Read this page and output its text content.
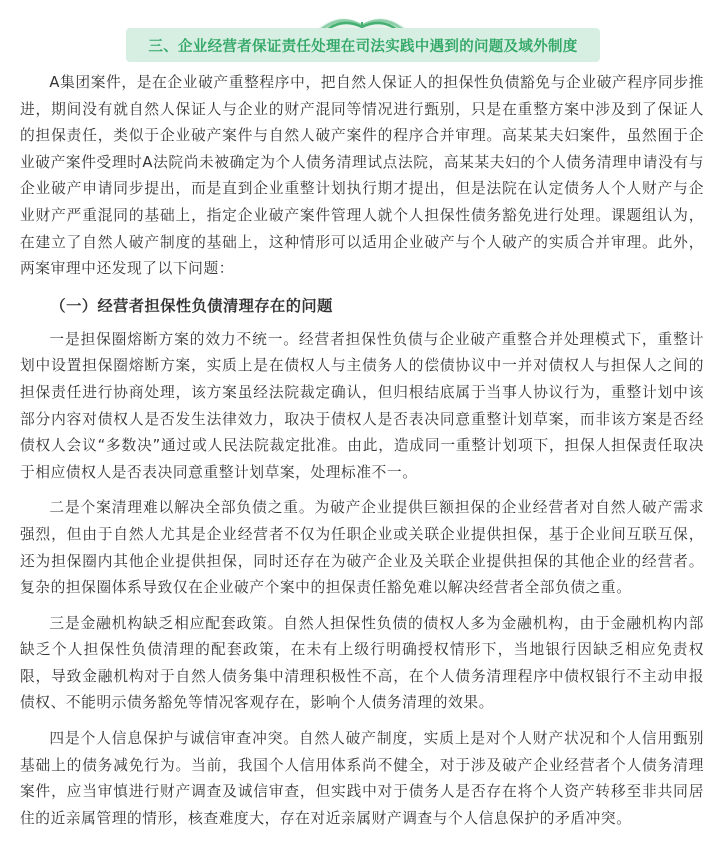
三、企业经营者保证责任处理在司法实践中遇到的问题及域外制度

A集团案件，是在企业破产重整程序中，把自然人保证人的担保性负债豁免与企业破产程序同步推进，期间没有就自然人保证人与企业的财产混同等情况进行甄别，只是在重整方案中涉及到了保证人的担保责任，类似于企业破产案件与自然人破产案件的程序合并审理。高某某夫妇案件，虽然囿于企业破产案件受理时A法院尚未被确定为个人债务清理试点法院，高某某夫妇的个人债务清理申请没有与企业破产申请同步提出，而是直到企业重整计划执行期才提出，但是法院在认定债务人个人财产与企业财产严重混同的基础上，指定企业破产案件管理人就个人担保性债务豁免进行处理。课题组认为，在建立了自然人破产制度的基础上，这种情形可以适用企业破产与个人破产的实质合并审理。此外，两案审理中还发现了以下问题：

（一）经营者担保性负债清理存在的问题

一是担保圈熔断方案的效力不统一。经营者担保性负债与企业破产重整合并处理模式下，重整计划中设置担保圈熔断方案，实质上是在债权人与主债务人的偿债协议中一并对债权人与担保人之间的担保责任进行协商处理，该方案虽经法院裁定确认，但归根结底属于当事人协议行为，重整计划中该部分内容对债权人是否发生法律效力，取决于债权人是否表决同意重整计划草案，而非该方案是否经债权人会议“多数决”通过或人民法院裁定批准。由此，造成同一重整计划项下，担保人担保责任取决于相应债权人是否表决同意重整计划草案，处理标准不一。

二是个案清理难以解决全部负债之重。为破产企业提供巨额担保的企业经营者对自然人破产需求强烈，但由于自然人尤其是企业经营者不仅为任职企业或关联企业提供担保，基于企业间互联互保，还为担保圈内其他企业提供担保，同时还存在为破产企业及关联企业提供担保的其他企业的经营者。复杂的担保圈体系导致仅在企业破产个案中的担保责任豁免难以解决经营者全部负债之重。

三是金融机构缺乏相应配套政策。自然人担保性负债的债权人多为金融机构，由于金融机构内部缺乏个人担保性负债清理的配套政策，在未有上级行明确授权情形下，当地银行因缺乏相应免责权限，导致金融机构对于自然人债务集中清理积极性不高，在个人债务清理程序中债权银行不主动申报债权、不能明示债务豁免等情况客观存在，影响个人债务清理的效果。

四是个人信息保护与诚信审查冲突。自然人破产制度，实质上是对个人财产状况和个人信用甄别基础上的债务减免行为。当前，我国个人信用体系尚不健全，对于涉及破产企业经营者个人债务清理案件，应当审慎进行财产调查及诚信审查，但实践中对于债务人是否存在将个人资产转移至非共同居住的近亲属管理的情形，核查难度大，存在对近亲属财产调查与个人信息保护的矛盾冲突。
